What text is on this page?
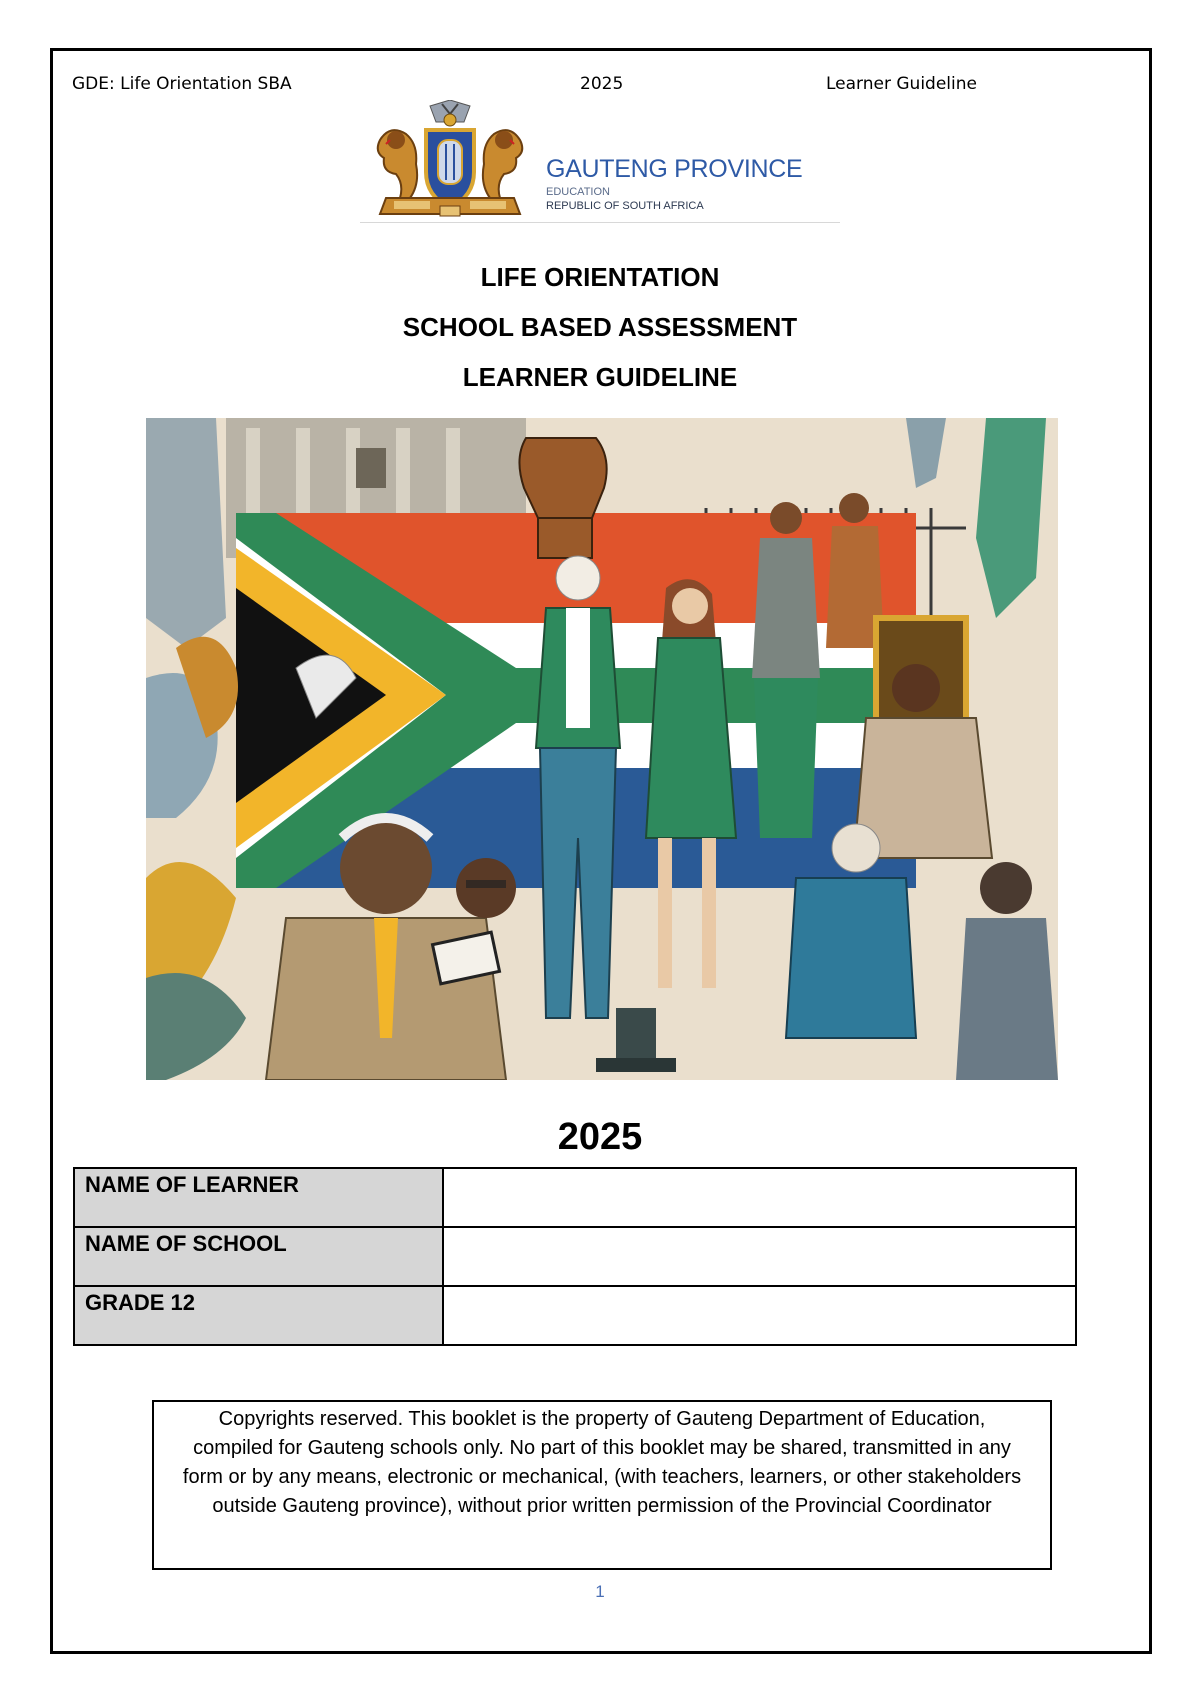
GDE: Life Orientation SBA	2025	Learner Guideline
GAUTENG PROVINCE
EDUCATION
REPUBLIC OF SOUTH AFRICA
LIFE ORIENTATION
SCHOOL BASED ASSESSMENT
LEARNER GUIDELINE
2025
NAME OF LEARNER	
NAME OF SCHOOL	
GRADE 12	
Copyrights reserved. This booklet is the property of Gauteng Department of Education, compiled for Gauteng schools only. No part of this booklet may be shared, transmitted in any form or by any means, electronic or mechanical, (with teachers, learners, or other stakeholders outside Gauteng province), without prior written permission of the Provincial Coordinator
1
